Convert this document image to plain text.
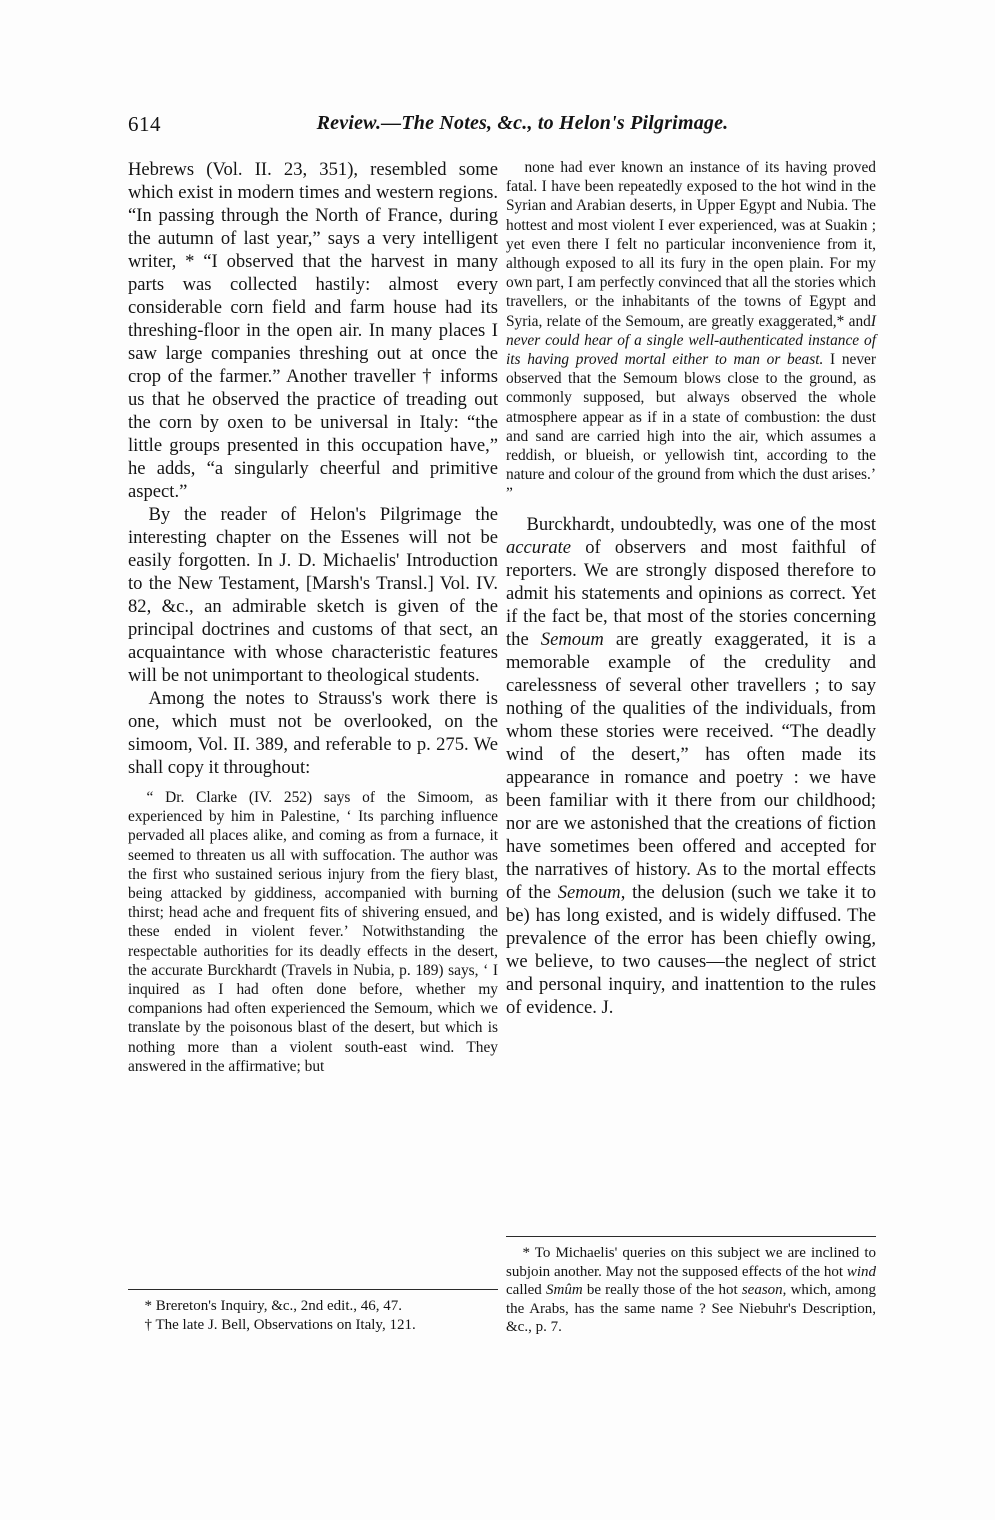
614	Review.—The Notes, &c., to Helon's Pilgrimage.

Hebrews (Vol. II. 23, 351), resembled some which exist in modern times and western regions. “In passing through the North of France, during the autumn of last year,” says a very intelligent writer, * “I observed that the harvest in many parts was collected hastily: almost every considerable corn field and farm house had its threshing-floor in the open air. In many places I saw large companies threshing out at once the crop of the farmer.” Another traveller † informs us that he observed the practice of treading out the corn by oxen to be universal in Italy: “the little groups presented in this occupation have,” he adds, “a singularly cheerful and primitive aspect.”

By the reader of Helon's Pilgrimage the interesting chapter on the Essenes will not be easily forgotten. In J. D. Michaelis' Introduction to the New Testament, [Marsh's Transl.] Vol. IV. 82, &c., an admirable sketch is given of the principal doctrines and customs of that sect, an acquaintance with whose characteristic features will be not unimportant to theological students.

Among the notes to Strauss's work there is one, which must not be overlooked, on the simoom, Vol. II. 389, and referable to p. 275. We shall copy it throughout:

“ Dr. Clarke (IV. 252) says of the Simoom, as experienced by him in Palestine, ‘ Its parching influence pervaded all places alike, and coming as from a furnace, it seemed to threaten us all with suffocation. The author was the first who sustained serious injury from the fiery blast, being attacked by giddiness, accompanied with burning thirst; head ache and frequent fits of shivering ensued, and these ended in violent fever.’ Notwithstanding the respectable authorities for its deadly effects in the desert, the accurate Burckhardt (Travels in Nubia, p. 189) says, ‘ I inquired as I had often done before, whether my companions had often experienced the Semoum, which we translate by the poisonous blast of the desert, but which is nothing more than a violent south-east wind. They answered in the affirmative; but

* Brereton's Inquiry, &c., 2nd edit., 46, 47.

† The late J. Bell, Observations on Italy, 121.

none had ever known an instance of its having proved fatal. I have been repeatedly exposed to the hot wind in the Syrian and Arabian deserts, in Upper Egypt and Nubia. The hottest and most violent I ever experienced, was at Suakin ; yet even there I felt no particular inconvenience from it, although exposed to all its fury in the open plain. For my own part, I am perfectly convinced that all the stories which travellers, or the inhabitants of the towns of Egypt and Syria, relate of the Semoum, are greatly exaggerated,* andI never could hear of a single well-authenticated instance of its having proved mortal either to man or beast. I never observed that the Semoum blows close to the ground, as commonly supposed, but always observed the whole atmosphere appear as if in a state of combustion: the dust and sand are carried high into the air, which assumes a reddish, or blueish, or yellowish tint, according to the nature and colour of the ground from which the dust arises.’ ”

Burckhardt, undoubtedly, was one of the most accurate of observers and most faithful of reporters. We are strongly disposed therefore to admit his statements and opinions as correct. Yet if the fact be, that most of the stories concerning the Semoum are greatly exaggerated, it is a memorable example of the credulity and carelessness of several other travellers ; to say nothing of the qualities of the individuals, from whom these stories were received. “The deadly wind of the desert,” has often made its appearance in romance and poetry : we have been familiar with it there from our childhood; nor are we astonished that the creations of fiction have sometimes been offered and accepted for the narratives of history. As to the mortal effects of the Semoum, the delusion (such we take it to be) has long existed, and is widely diffused. The prevalence of the error has been chiefly owing, we believe, to two causes—the neglect of strict and personal inquiry, and inattention to the rules of evidence. J.

* To Michaelis' queries on this subject we are inclined to subjoin another. May not the supposed effects of the hot wind called Smûm be really those of the hot season, which, among the Arabs, has the same name ? See Niebuhr's Description, &c., p. 7.
